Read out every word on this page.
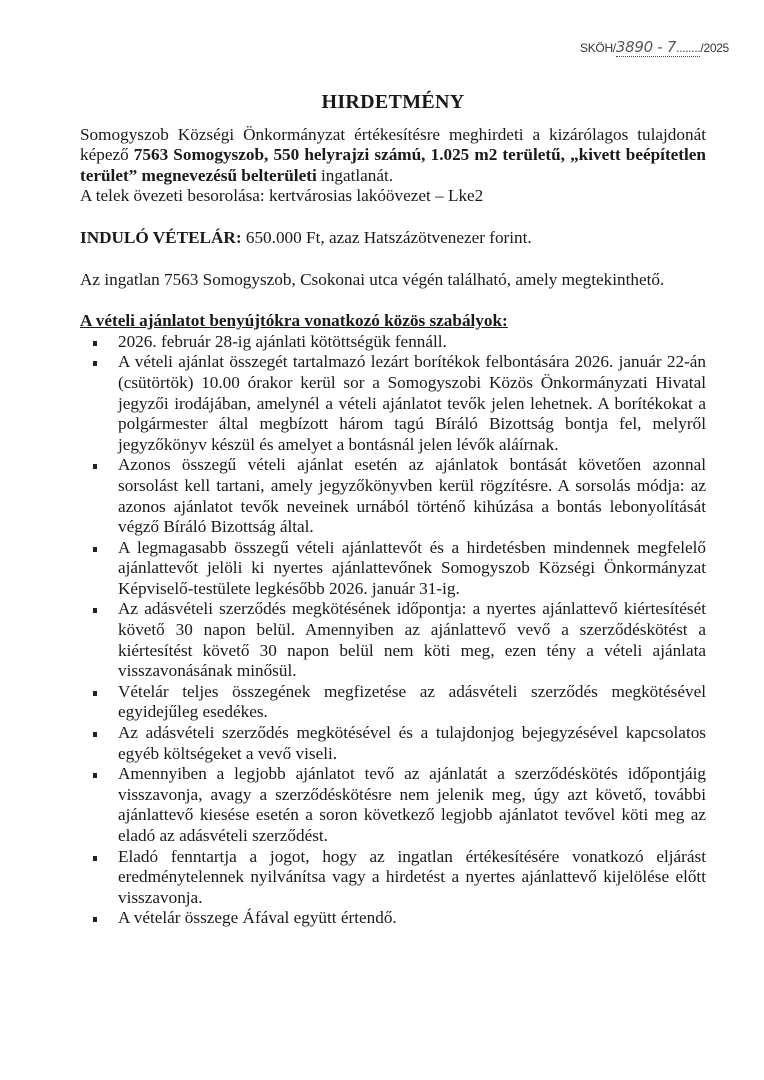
SKÖH/3890 - 7......../2025
HIRDETMÉNY

Somogyszob Községi Önkormányzat értékesítésre meghirdeti a kizárólagos tulajdonát képező 7563 Somogyszob, 550 helyrajzi számú, 1.025 m2 területű, „kivett beépítetlen terület” megnevezésű belterületi ingatlanát.

A telek övezeti besorolása: kertvárosias lakóövezet – Lke2

INDULÓ VÉTELÁR: 650.000 Ft, azaz Hatszázötvenezer forint.

Az ingatlan 7563 Somogyszob, Csokonai utca végén található, amely megtekinthető.

A vételi ajánlatot benyújtókra vonatkozó közös szabályok:

2026. február 28-ig ajánlati kötöttségük fennáll.
A vételi ajánlat összegét tartalmazó lezárt borítékok felbontására 2026. január 22-án (csütörtök) 10.00 órakor kerül sor a Somogyszobi Közös Önkormányzati Hivatal jegyzői irodájában, amelynél a vételi ajánlatot tevők jelen lehetnek. A borítékokat a polgármester által megbízott három tagú Bíráló Bizottság bontja fel, melyről jegyzőkönyv készül és amelyet a bontásnál jelen lévők aláírnak.
Azonos összegű vételi ajánlat esetén az ajánlatok bontását követően azonnal sorsolást kell tartani, amely jegyzőkönyvben kerül rögzítésre. A sorsolás módja: az azonos ajánlatot tevők neveinek urnából történő kihúzása a bontás lebonyolítását végző Bíráló Bizottság által.
A legmagasabb összegű vételi ajánlattevőt és a hirdetésben mindennek megfelelő ajánlattevőt jelöli ki nyertes ajánlattevőnek Somogyszob Községi Önkormányzat Képviselő-testülete legkésőbb 2026. január 31-ig.
Az adásvételi szerződés megkötésének időpontja: a nyertes ajánlattevő kiértesítését követő 30 napon belül. Amennyiben az ajánlattevő vevő a szerződéskötést a kiértesítést követő 30 napon belül nem köti meg, ezen tény a vételi ajánlata visszavonásának minősül.
Vételár teljes összegének megfizetése az adásvételi szerződés megkötésével egyidejűleg esedékes.
Az adásvételi szerződés megkötésével és a tulajdonjog bejegyzésével kapcsolatos egyéb költségeket a vevő viseli.
Amennyiben a legjobb ajánlatot tevő az ajánlatát a szerződéskötés időpontjáig visszavonja, avagy a szerződéskötésre nem jelenik meg, úgy azt követő, további ajánlattevő kiesése esetén a soron következő legjobb ajánlatot tevővel köti meg az eladó az adásvételi szerződést.
Eladó fenntartja a jogot, hogy az ingatlan értékesítésére vonatkozó eljárást eredménytelennek nyilvánítsa vagy a hirdetést a nyertes ajánlattevő kijelölése előtt visszavonja.
A vételár összege Áfával együtt értendő.
